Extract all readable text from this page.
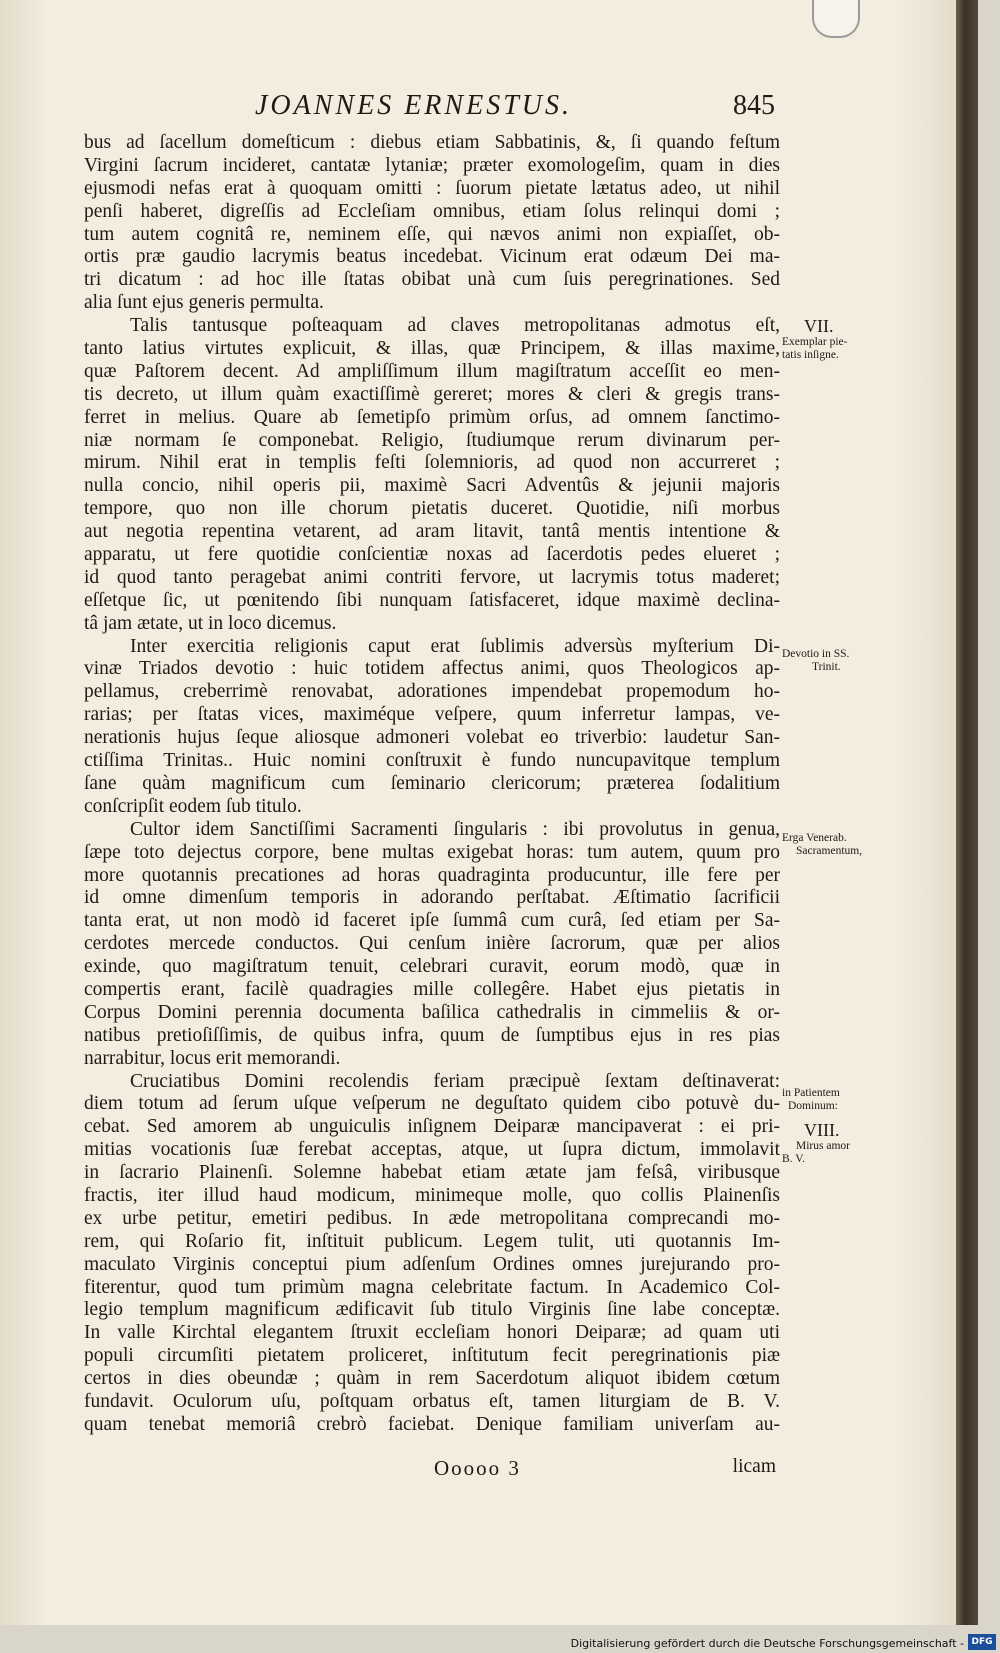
JOANNES ERNESTUS.	845
bus ad ſacellum domeſticum : diebus etiam Sabbatinis, &, ſi quando feſtum
Virgini ſacrum incideret, cantatæ lytaniæ; præter exomologeſim, quam in dies
ejusmodi nefas erat à quoquam omitti : ſuorum pietate lætatus adeo, ut nihil
penſi haberet, digreſſis ad Eccleſiam omnibus, etiam ſolus relinqui domi ;
tum autem cognitâ re, neminem eſſe, qui nævos animi non expiaſſet, ob-
ortis præ gaudio lacrymis beatus incedebat. Vicinum erat odæum Dei ma-
tri dicatum : ad hoc ille ſtatas obibat unà cum ſuis peregrinationes. Sed
alia ſunt ejus generis permulta.
Talis tantusque poſteaquam ad claves metropolitanas admotus eſt,
tanto latius virtutes explicuit, & illas, quæ Principem, & illas maxime,
quæ Paſtorem decent. Ad ampliſſimum illum magiſtratum acceſſit eo men-
tis decreto, ut illum quàm exactiſſimè gereret; mores & cleri & gregis trans-
ferret in melius. Quare ab ſemetipſo primùm orſus, ad omnem ſanctimo-
niæ normam ſe componebat. Religio, ſtudiumque rerum divinarum per-
mirum. Nihil erat in templis feſti ſolemnioris, ad quod non accurreret ;
nulla concio, nihil operis pii, maximè Sacri Adventûs & jejunii majoris
tempore, quo non ille chorum pietatis duceret. Quotidie, niſi morbus
aut negotia repentina vetarent, ad aram litavit, tantâ mentis intentione &
apparatu, ut fere quotidie conſcientiæ noxas ad ſacerdotis pedes elueret ;
id quod tanto peragebat animi contriti fervore, ut lacrymis totus maderet;
eſſetque ſic, ut pœnitendo ſibi nunquam ſatisfaceret, idque maximè declina-
tâ jam ætate, ut in loco dicemus.
Inter exercitia religionis caput erat ſublimis adversùs myſterium Di-
vinæ Triados devotio : huic totidem affectus animi, quos Theologicos ap-
pellamus, creberrimè renovabat, adorationes impendebat propemodum ho-
rarias; per ſtatas vices, maximéque veſpere, quum inferretur lampas, ve-
nerationis hujus ſeque aliosque admoneri volebat eo triverbio: laudetur San-
ctiſſima Trinitas.. Huic nomini conſtruxit è fundo nuncupavitque templum
ſane quàm magnificum cum ſeminario clericorum; præterea ſodalitium
conſcripſit eodem ſub titulo.
Cultor idem Sanctiſſimi Sacramenti ſingularis : ibi provolutus in genua,
ſæpe toto dejectus corpore, bene multas exigebat horas: tum autem, quum pro
more quotannis precationes ad horas quadraginta producuntur, ille fere per
id omne dimenſum temporis in adorando perſtabat. Æſtimatio ſacrificii
tanta erat, ut non modò id faceret ipſe ſummâ cum curâ, ſed etiam per Sa-
cerdotes mercede conductos. Qui cenſum inière ſacrorum, quæ per alios
exinde, quo magiſtratum tenuit, celebrari curavit, eorum modò, quæ in
compertis erant, facilè quadragies mille collegêre. Habet ejus pietatis in
Corpus Domini perennia documenta baſilica cathedralis in cimmeliis & or-
natibus pretioſiſſimis, de quibus infra, quum de ſumptibus ejus in res pias
narrabitur, locus erit memorandi.
Cruciatibus Domini recolendis feriam præcipuè ſextam deſtinaverat:
diem totum ad ſerum uſque veſperum ne deguſtato quidem cibo potuvè du-
cebat. Sed amorem ab unguiculis inſignem Deiparæ mancipaverat : ei pri-
mitias vocationis ſuæ ferebat acceptas, atque, ut ſupra dictum, immolavit
in ſacrario Plainenſi. Solemne habebat etiam ætate jam feſsâ, viribusque
fractis, iter illud haud modicum, minimeque molle, quo collis Plainenſis
ex urbe petitur, emetiri pedibus. In æde metropolitana comprecandi mo-
rem, qui Roſario fit, inſtituit publicum. Legem tulit, uti quotannis Im-
maculato Virginis conceptui pium adſenſum Ordines omnes jurejurando pro-
fiterentur, quod tum primùm magna celebritate factum. In Academico Col-
legio templum magnificum ædificavit ſub titulo Virginis ſine labe conceptæ.
In valle Kirchtal elegantem ſtruxit eccleſiam honori Deiparæ; ad quam uti
populi circumſiti pietatem proliceret, inſtitutum fecit peregrinationis piæ
certos in dies obeundæ ; quàm in rem Sacerdotum aliquot ibidem cœtum
fundavit. Oculorum uſu, poſtquam orbatus eſt, tamen liturgiam de B. V.
quam tenebat memoriâ crebrò faciebat. Denique familiam univerſam au-
VII.
Exemplar pie-
tatis inſigne.
Devotio in SS.
Trinit.
Erga Venerab.
Sacramentum,
in Patientem
Dominum:
VIII.
Mirus amor
B. V.
Ooooo 3	licam
Digitalisierung gefördert durch die Deutsche Forschungsgemeinschaft - DFG
